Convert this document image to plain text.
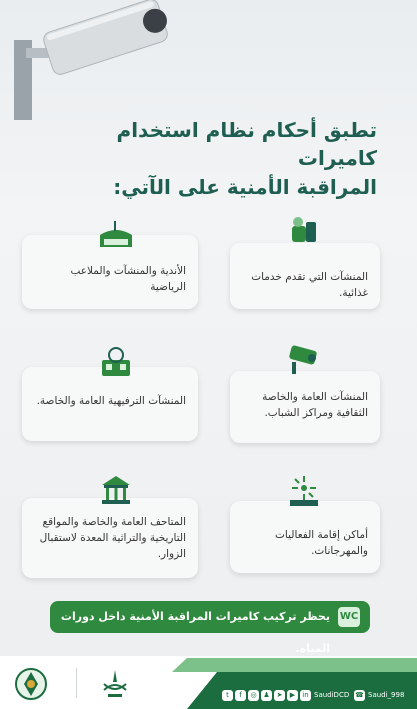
تطبق أحكام نظام استخدام كاميرات
المراقبة الأمنية على الآتي:
المنشآت التي تقدم خدمات غذائية.
الأندية والمنشآت والملاعب الرياضية
المنشآت العامة والخاصة الثقافية ومراكز الشباب.
المنشآت الترفيهية العامة والخاصة.
أماكن إقامة الفعاليات والمهرجانات.
المتاحف العامة والخاصة والمواقع التاريخية والتراثية المعدة لاستقبال الزوار.
WC
يحظر تركيب كاميرات المراقبة الأمنية داخل دورات المياه.
t	f	◎ ♟ ➤	▶	in SaudiDCD ☎ Saudi_998
